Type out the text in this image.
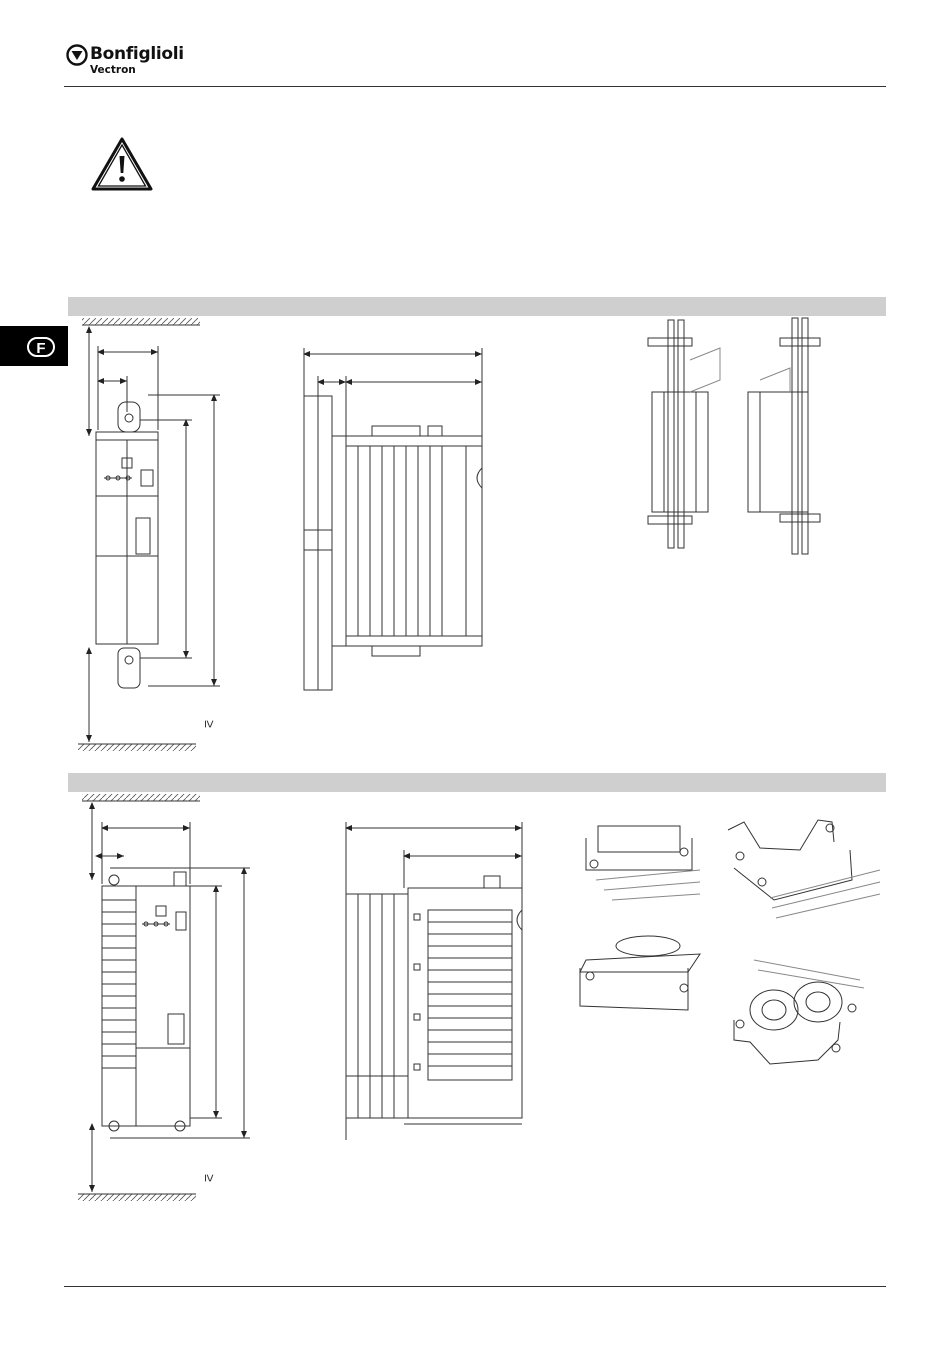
Bonfiglioli
Vectron
F
≥
≥
